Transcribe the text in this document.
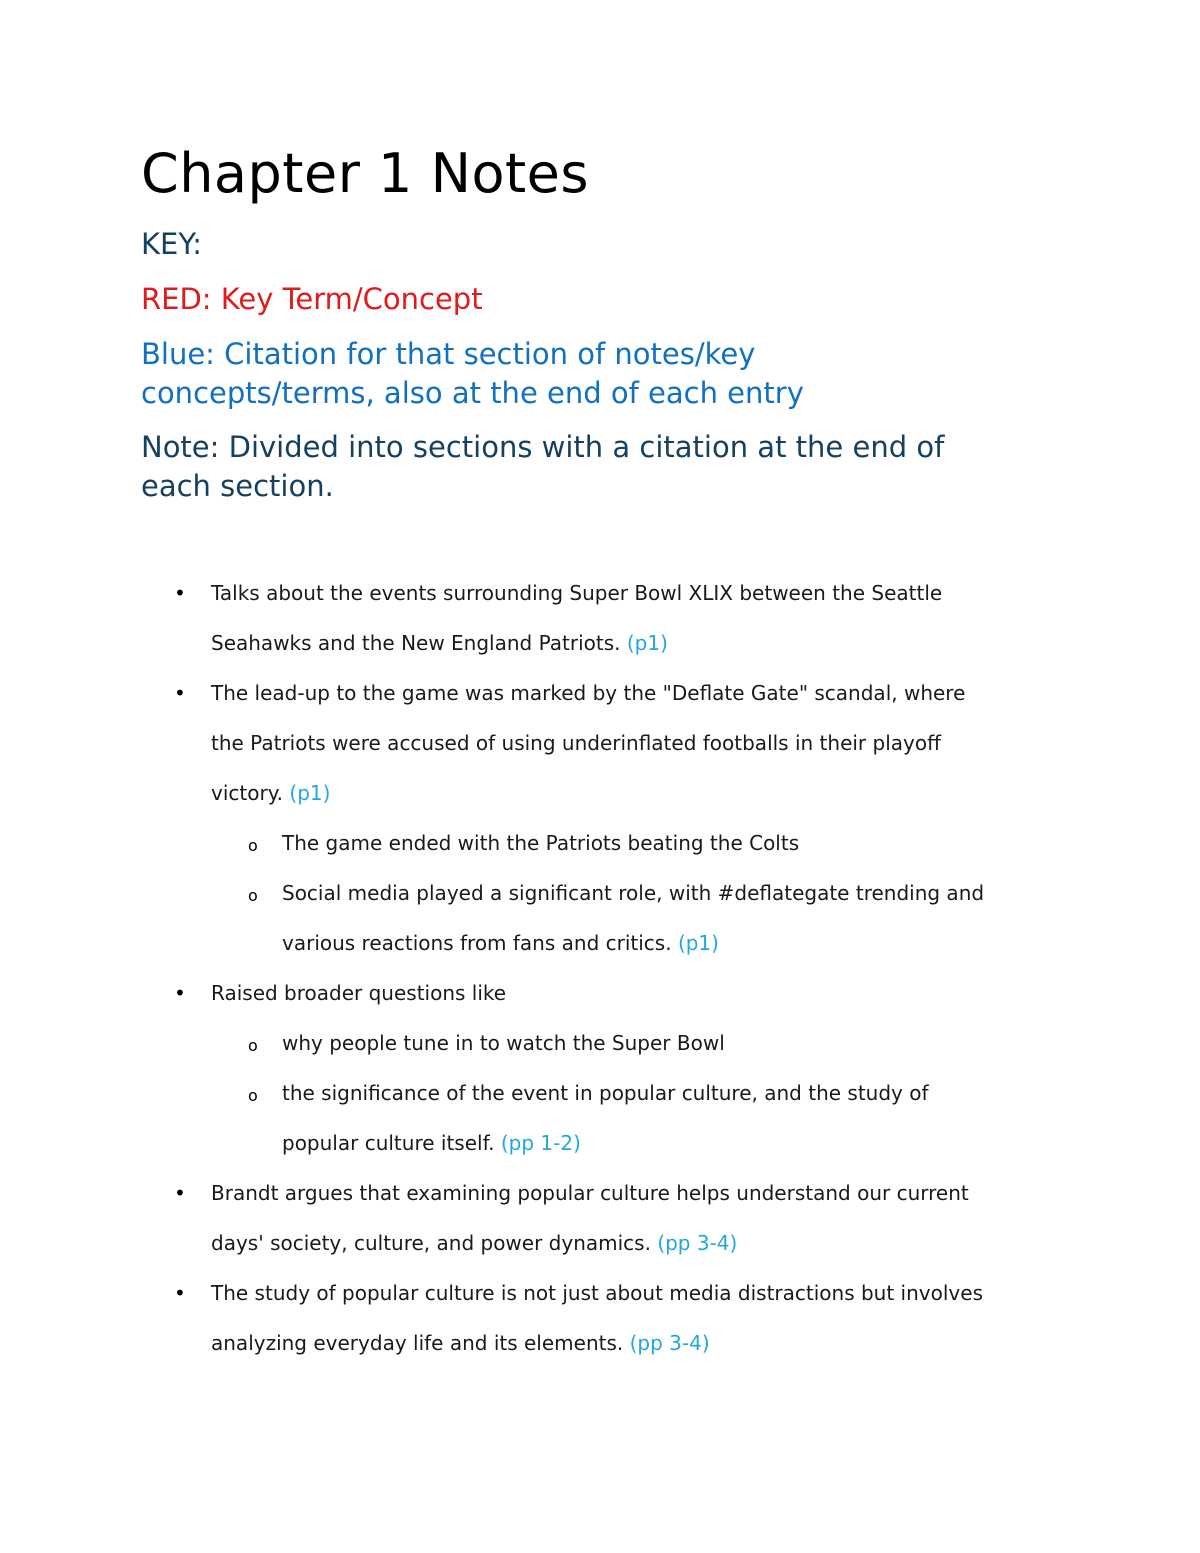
Chapter 1 Notes

KEY:

RED: Key Term/Concept

Blue: Citation for that section of notes/key
concepts/terms, also at the end of each entry

Note: Divided into sections with a citation at the end of
each section.

• Talks about the events surrounding Super Bowl XLIX between the Seattle
Seahawks and the New England Patriots. (p1)
• The lead-up to the game was marked by the "Deflate Gate" scandal, where
the Patriots were accused of using underinflated footballs in their playoff
victory. (p1)
o The game ended with the Patriots beating the Colts
o Social media played a significant role, with #deflategate trending and
various reactions from fans and critics. (p1)
• Raised broader questions like
o why people tune in to watch the Super Bowl
o the significance of the event in popular culture, and the study of
popular culture itself. (pp 1-2)
• Brandt argues that examining popular culture helps understand our current
days' society, culture, and power dynamics. (pp 3-4)
• The study of popular culture is not just about media distractions but involves
analyzing everyday life and its elements. (pp 3-4)
